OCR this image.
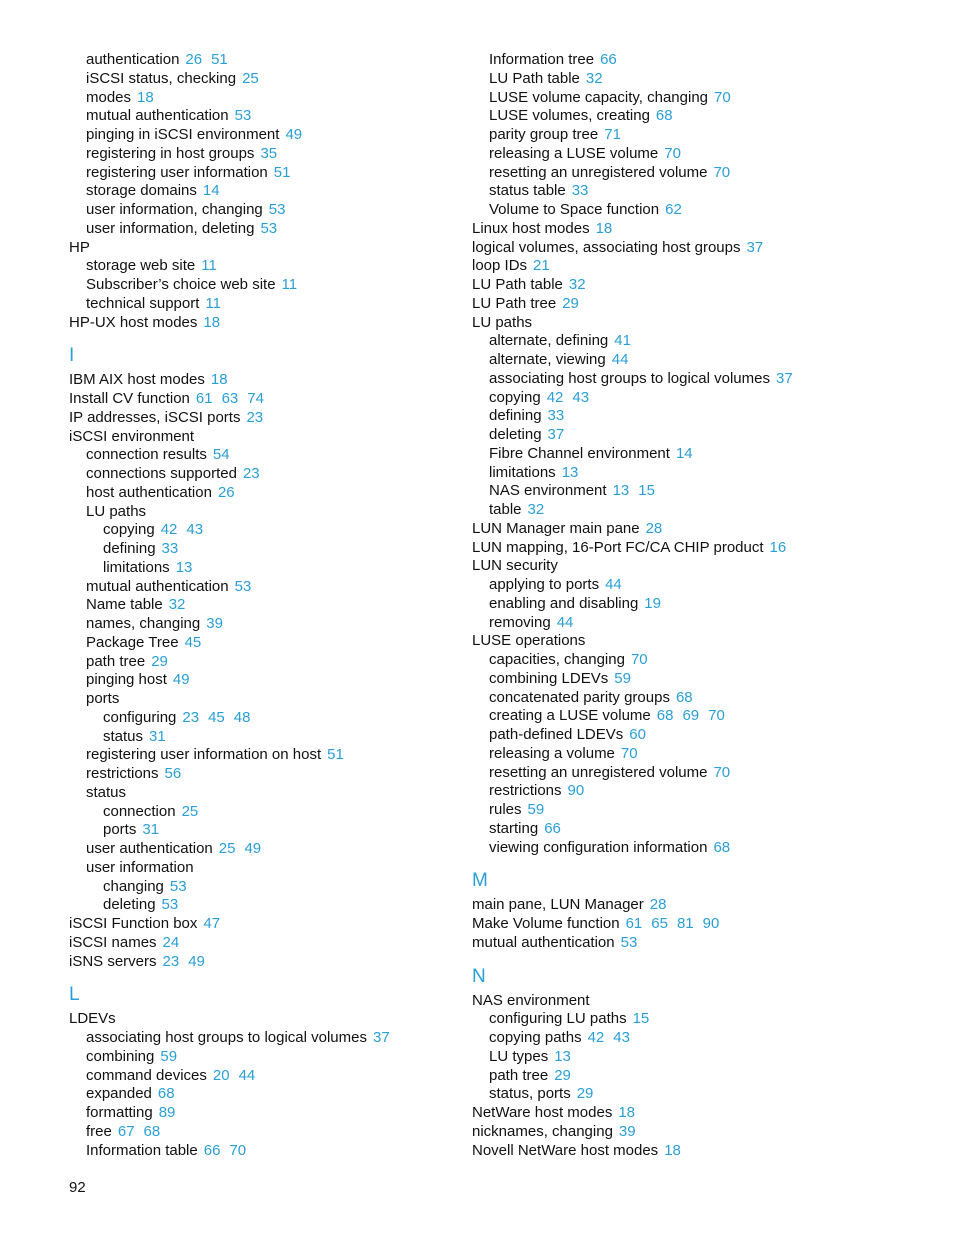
authentication 26 51
iSCSI status, checking 25
modes 18
mutual authentication 53
pinging in iSCSI environment 49
registering in host groups 35
registering user information 51
storage domains 14
user information, changing 53
user information, deleting 53
HP
storage web site 11
Subscriber’s choice web site 11
technical support 11
HP-UX host modes 18
I
IBM AIX host modes 18
Install CV function 61 63 74
IP addresses, iSCSI ports 23
iSCSI environment
connection results 54
connections supported 23
host authentication 26
LU paths
copying 42 43
defining 33
limitations 13
mutual authentication 53
Name table 32
names, changing 39
Package Tree 45
path tree 29
pinging host 49
ports
configuring 23 45 48
status 31
registering user information on host 51
restrictions 56
status
connection 25
ports 31
user authentication 25 49
user information
changing 53
deleting 53
iSCSI Function box 47
iSCSI names 24
iSNS servers 23 49
L
LDEVs
associating host groups to logical volumes 37
combining 59
command devices 20 44
expanded 68
formatting 89
free 67 68
Information table 66 70
Information tree 66
LU Path table 32
LUSE volume capacity, changing 70
LUSE volumes, creating 68
parity group tree 71
releasing a LUSE volume 70
resetting an unregistered volume 70
status table 33
Volume to Space function 62
Linux host modes 18
logical volumes, associating host groups 37
loop IDs 21
LU Path table 32
LU Path tree 29
LU paths
alternate, defining 41
alternate, viewing 44
associating host groups to logical volumes 37
copying 42 43
defining 33
deleting 37
Fibre Channel environment 14
limitations 13
NAS environment 13 15
table 32
LUN Manager main pane 28
LUN mapping, 16-Port FC/CA CHIP product 16
LUN security
applying to ports 44
enabling and disabling 19
removing 44
LUSE operations
capacities, changing 70
combining LDEVs 59
concatenated parity groups 68
creating a LUSE volume 68 69 70
path-defined LDEVs 60
releasing a volume 70
resetting an unregistered volume 70
restrictions 90
rules 59
starting 66
viewing configuration information 68
M
main pane, LUN Manager 28
Make Volume function 61 65 81 90
mutual authentication 53
N
NAS environment
configuring LU paths 15
copying paths 42 43
LU types 13
path tree 29
status, ports 29
NetWare host modes 18
nicknames, changing 39
Novell NetWare host modes 18
92
